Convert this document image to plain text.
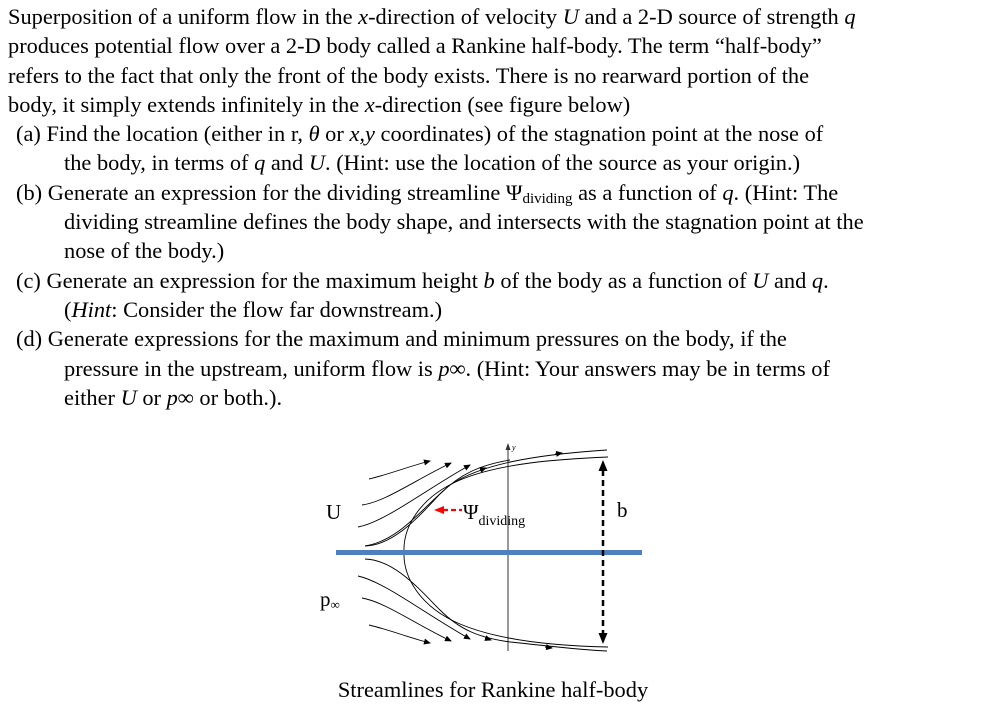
Superposition of a uniform flow in the x-direction of velocity U and a 2-D source of strength q
produces potential flow over a 2-D body called a Rankine half-body. The term “half-body”
refers to the fact that only the front of the body exists. There is no rearward portion of the
body, it simply extends infinitely in the x-direction (see figure below)
(a) Find the location (either in r, θ or x,y coordinates) of the stagnation point at the nose of
the body, in terms of q and U. (Hint: use the location of the source as your origin.)
(b) Generate an expression for the dividing streamline $\Psi_{dividing}$ as a function of q. (Hint: The
dividing streamline defines the body shape, and intersects with the stagnation point at the
nose of the body.)
(c) Generate an expression for the maximum height b of the body as a function of U and q.
(Hint: Consider the flow far downstream.)
(d) Generate expressions for the maximum and minimum pressures on the body, if the
pressure in the upstream, uniform flow is p∞. (Hint: Your answers may be in terms of
either U or p∞ or both.).
y
b
U
p∞
$\Psi_{dividing}$
Streamlines for Rankine half-body
